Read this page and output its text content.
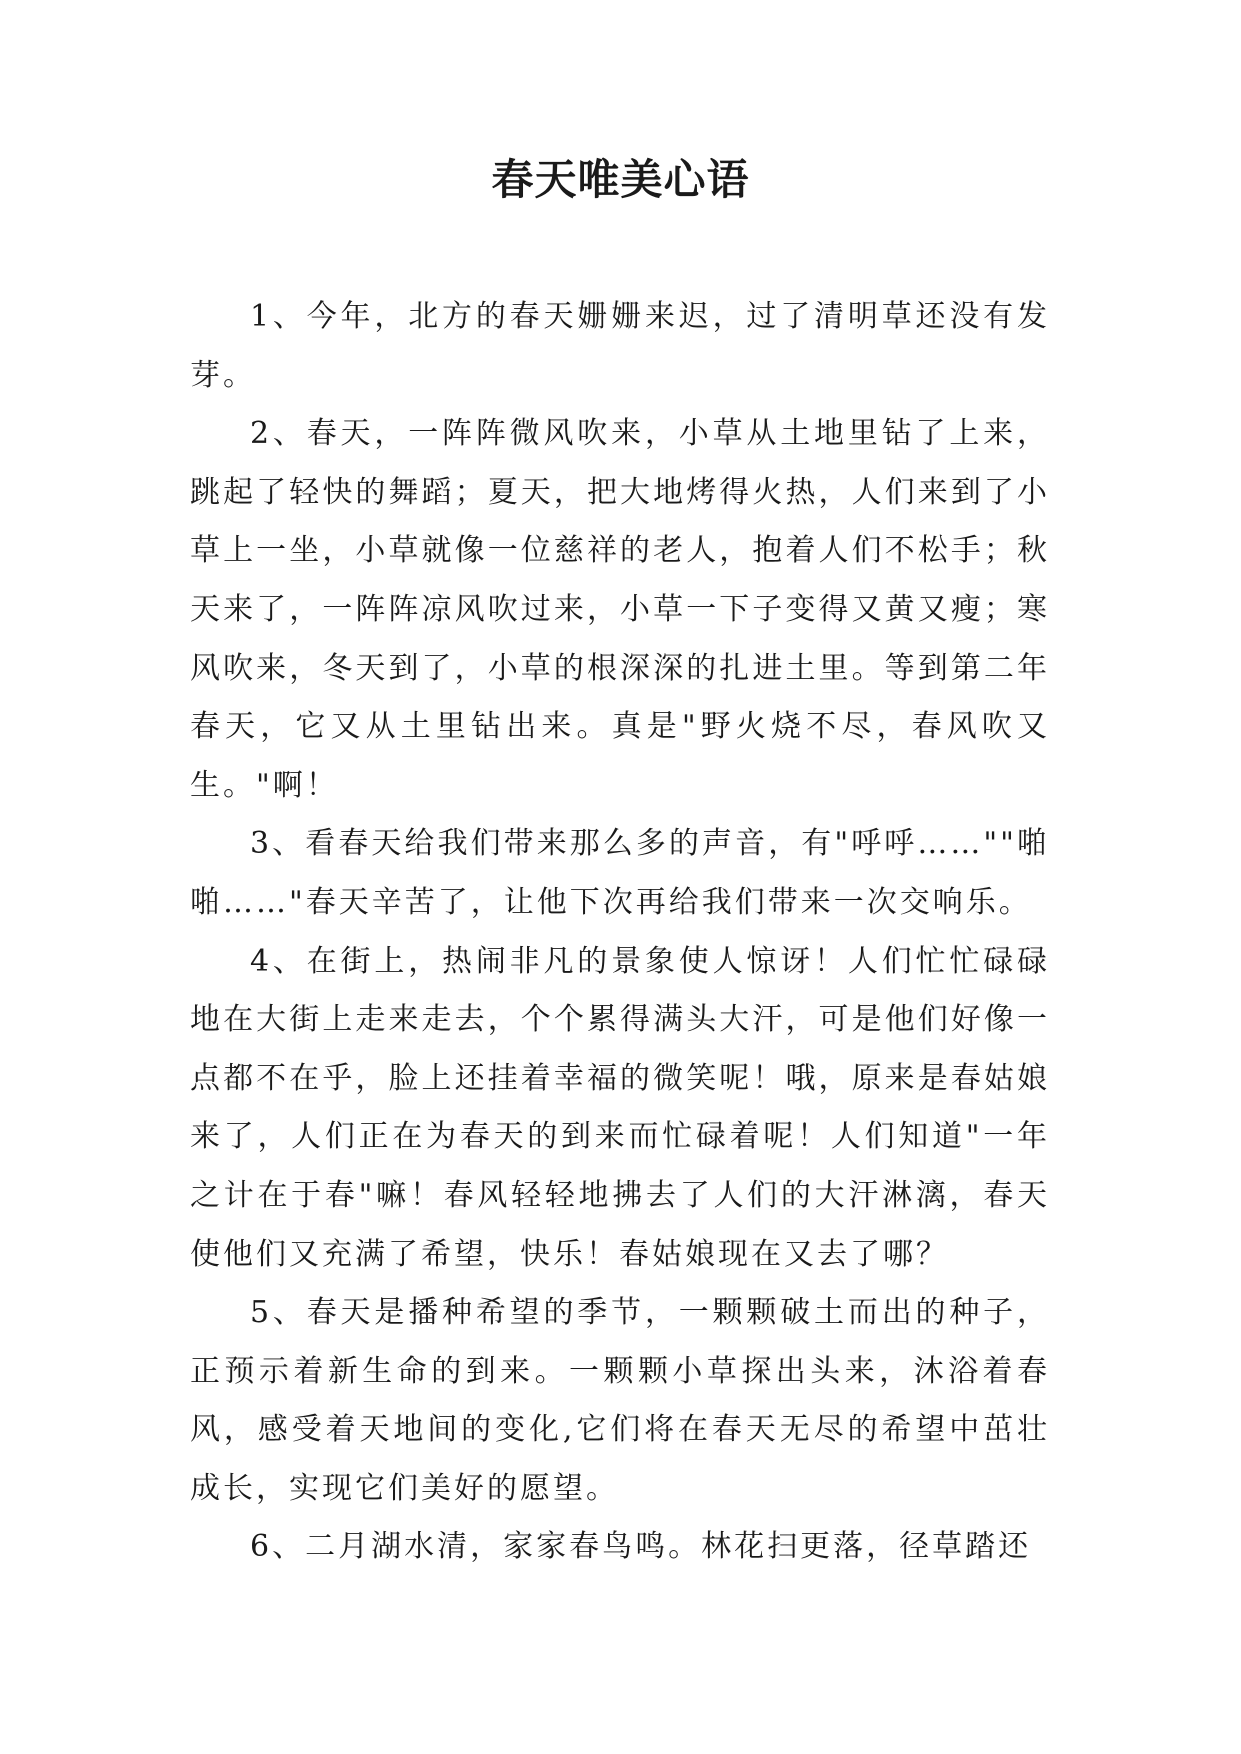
春天唯美心语

1、今年，北方的春天姗姗来迟，过了清明草还没有发芽。

2、春天，一阵阵微风吹来，小草从土地里钻了上来，跳起了轻快的舞蹈；夏天，把大地烤得火热，人们来到了小草上一坐，小草就像一位慈祥的老人，抱着人们不松手；秋天来了，一阵阵凉风吹过来，小草一下子变得又黄又瘦；寒风吹来，冬天到了，小草的根深深的扎进土里。等到第二年春天，它又从土里钻出来。真是"野火烧不尽，春风吹又生。"啊！

3、看春天给我们带来那么多的声音，有"呼呼……""啪啪……"春天辛苦了，让他下次再给我们带来一次交响乐。

4、在街上，热闹非凡的景象使人惊讶！人们忙忙碌碌地在大街上走来走去，个个累得满头大汗，可是他们好像一点都不在乎，脸上还挂着幸福的微笑呢！哦，原来是春姑娘来了，人们正在为春天的到来而忙碌着呢！人们知道"一年之计在于春"嘛！春风轻轻地拂去了人们的大汗淋漓，春天使他们又充满了希望，快乐！春姑娘现在又去了哪？

5、春天是播种希望的季节，一颗颗破土而出的种子，正预示着新生命的到来。一颗颗小草探出头来，沐浴着春风，感受着天地间的变化,它们将在春天无尽的希望中茁壮成长，实现它们美好的愿望。

6、二月湖水清，家家春鸟鸣。林花扫更落，径草踏还
